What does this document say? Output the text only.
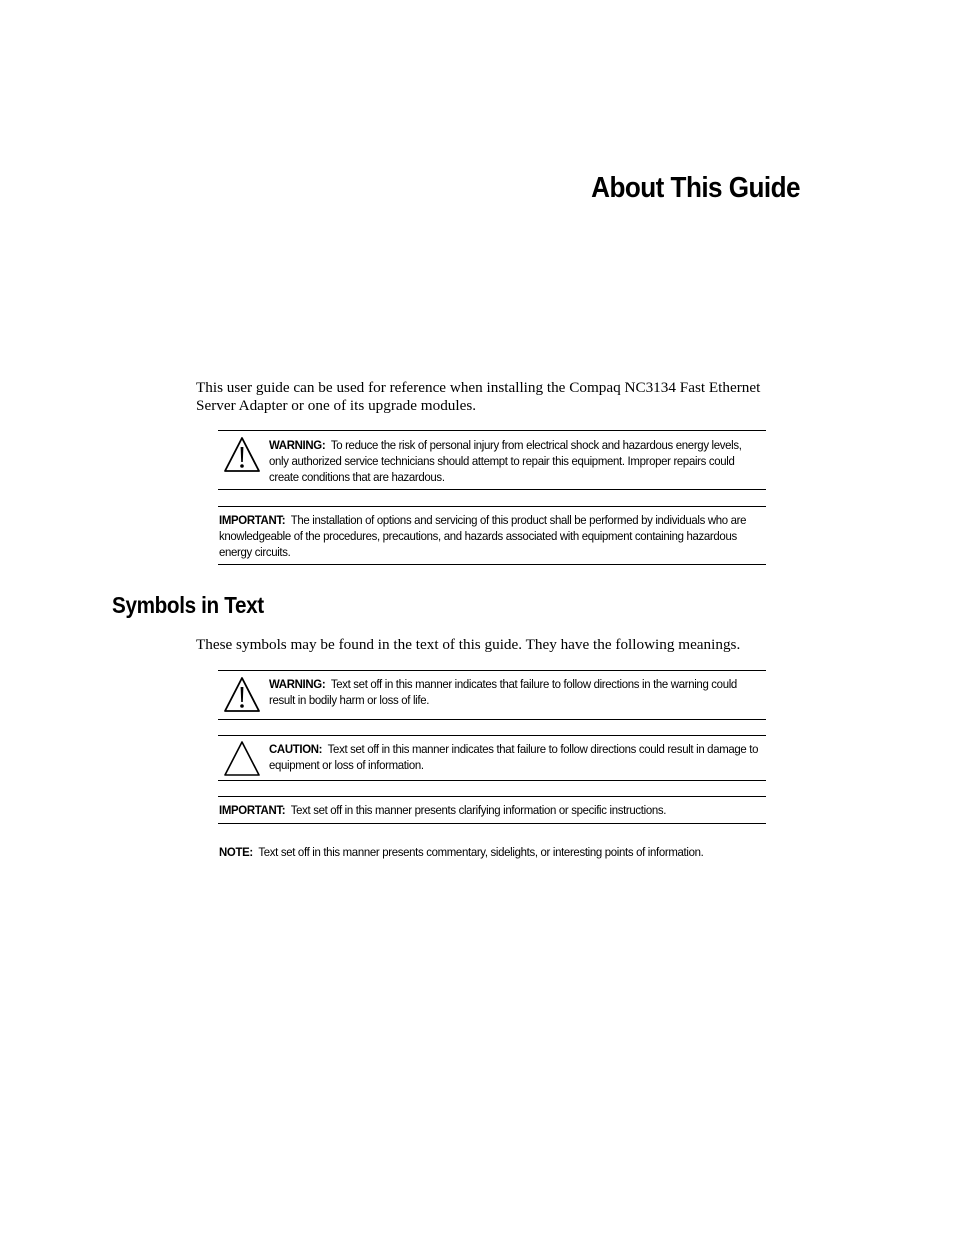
About This Guide
This user guide can be used for reference when installing the Compaq NC3134 Fast Ethernet Server Adapter or one of its upgrade modules.
WARNING: To reduce the risk of personal injury from electrical shock and hazardous energy levels, only authorized service technicians should attempt to repair this equipment. Improper repairs could create conditions that are hazardous.
IMPORTANT: The installation of options and servicing of this product shall be performed by individuals who are knowledgeable of the procedures, precautions, and hazards associated with equipment containing hazardous energy circuits.
Symbols in Text
These symbols may be found in the text of this guide. They have the following meanings.
WARNING: Text set off in this manner indicates that failure to follow directions in the warning could result in bodily harm or loss of life.
CAUTION: Text set off in this manner indicates that failure to follow directions could result in damage to equipment or loss of information.
IMPORTANT: Text set off in this manner presents clarifying information or specific instructions.
NOTE: Text set off in this manner presents commentary, sidelights, or interesting points of information.
